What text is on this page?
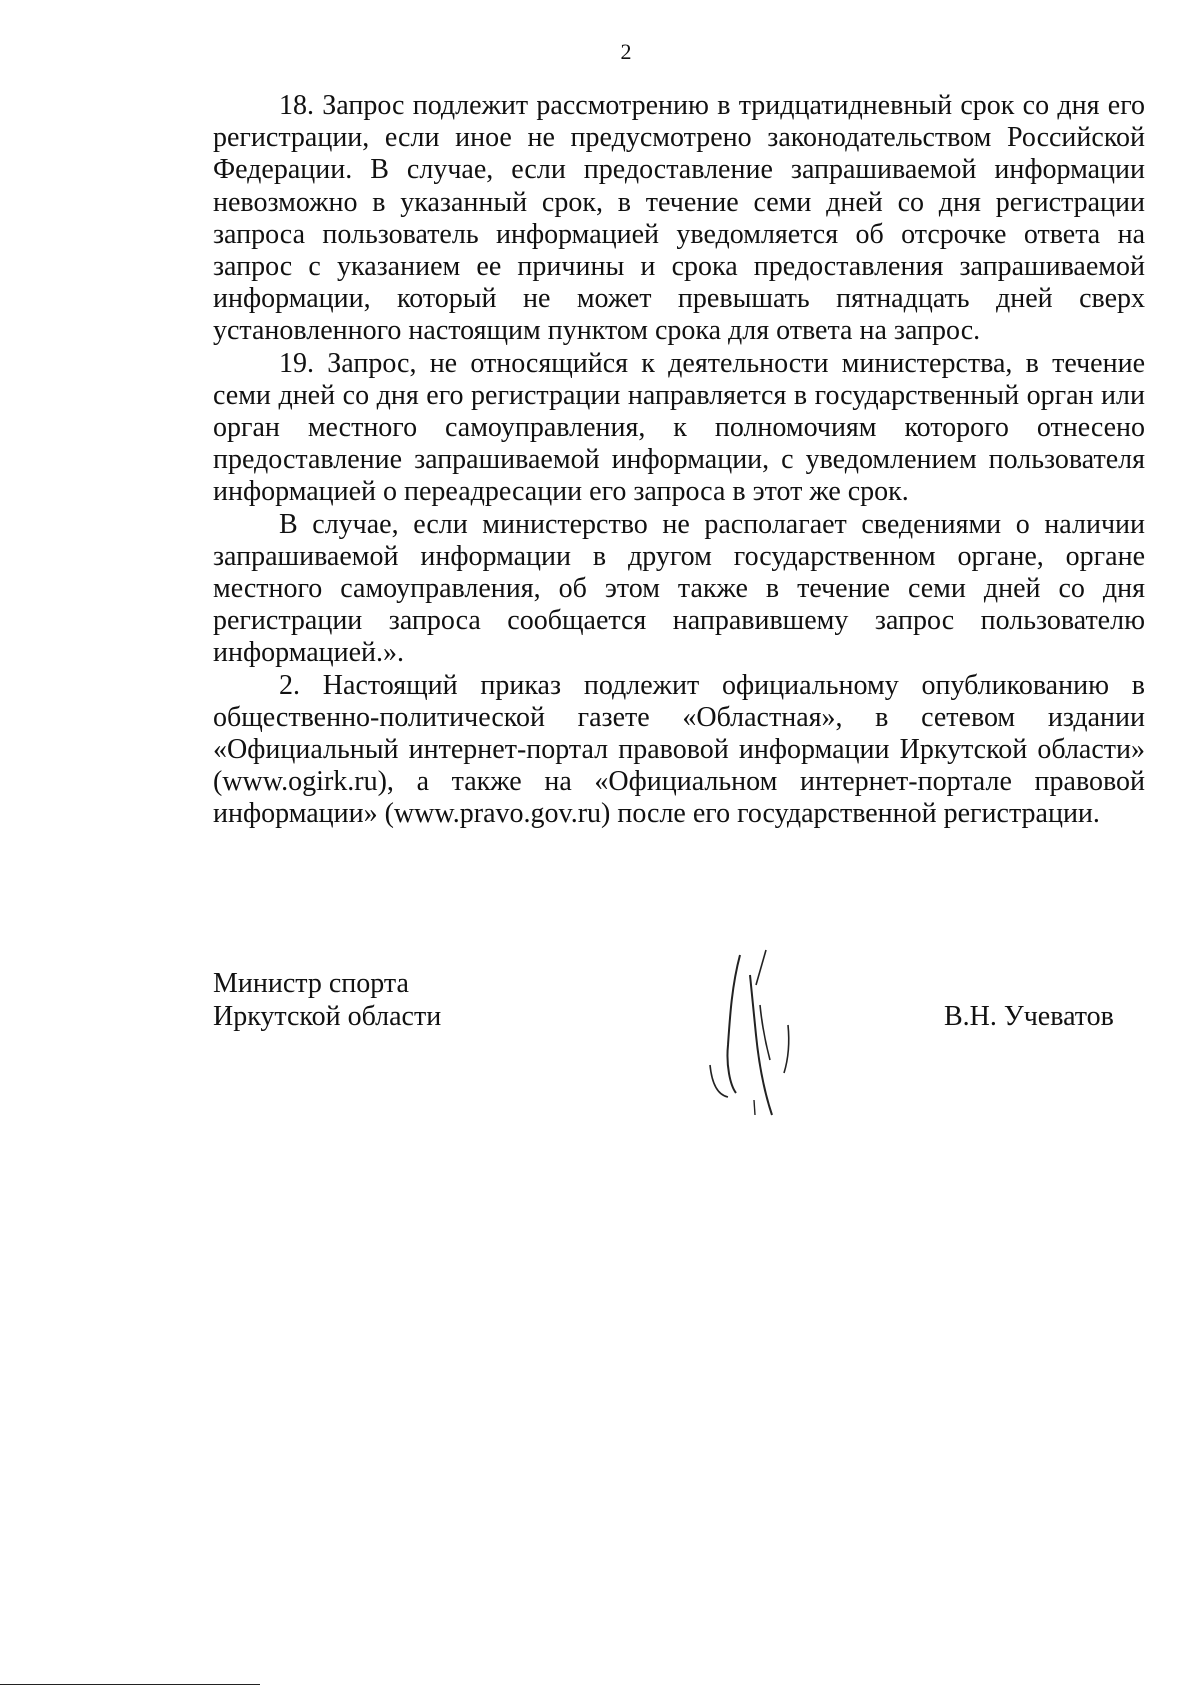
2

18. Запрос подлежит рассмотрению в тридцатидневный срок со дня его регистрации, если иное не предусмотрено законодательством Российской Федерации. В случае, если предоставление запрашиваемой информации невозможно в указанный срок, в течение семи дней со дня регистрации запроса пользователь информацией уведомляется об отсрочке ответа на запрос с указанием ее причины и срока предоставления запрашиваемой информации, который не может превышать пятнадцать дней сверх установленного настоящим пунктом срока для ответа на запрос.

19. Запрос, не относящийся к деятельности министерства, в течение семи дней со дня его регистрации направляется в государственный орган или орган местного самоуправления, к полномочиям которого отнесено предоставление запрашиваемой информации, с уведомлением пользователя информацией о переадресации его запроса в этот же срок.

В случае, если министерство не располагает сведениями о наличии запрашиваемой информации в другом государственном органе, органе местного самоуправления, об этом также в течение семи дней со дня регистрации запроса сообщается направившему запрос пользователю информацией.».

2. Настоящий приказ подлежит официальному опубликованию в общественно-политической газете «Областная», в сетевом издании «Официальный интернет-портал правовой информации Иркутской области» (www.ogirk.ru), а также на «Официальном интернет-портале правовой информации» (www.pravo.gov.ru) после его государственной регистрации.

Министр спорта
Иркутской области	В.Н. Учеватов
